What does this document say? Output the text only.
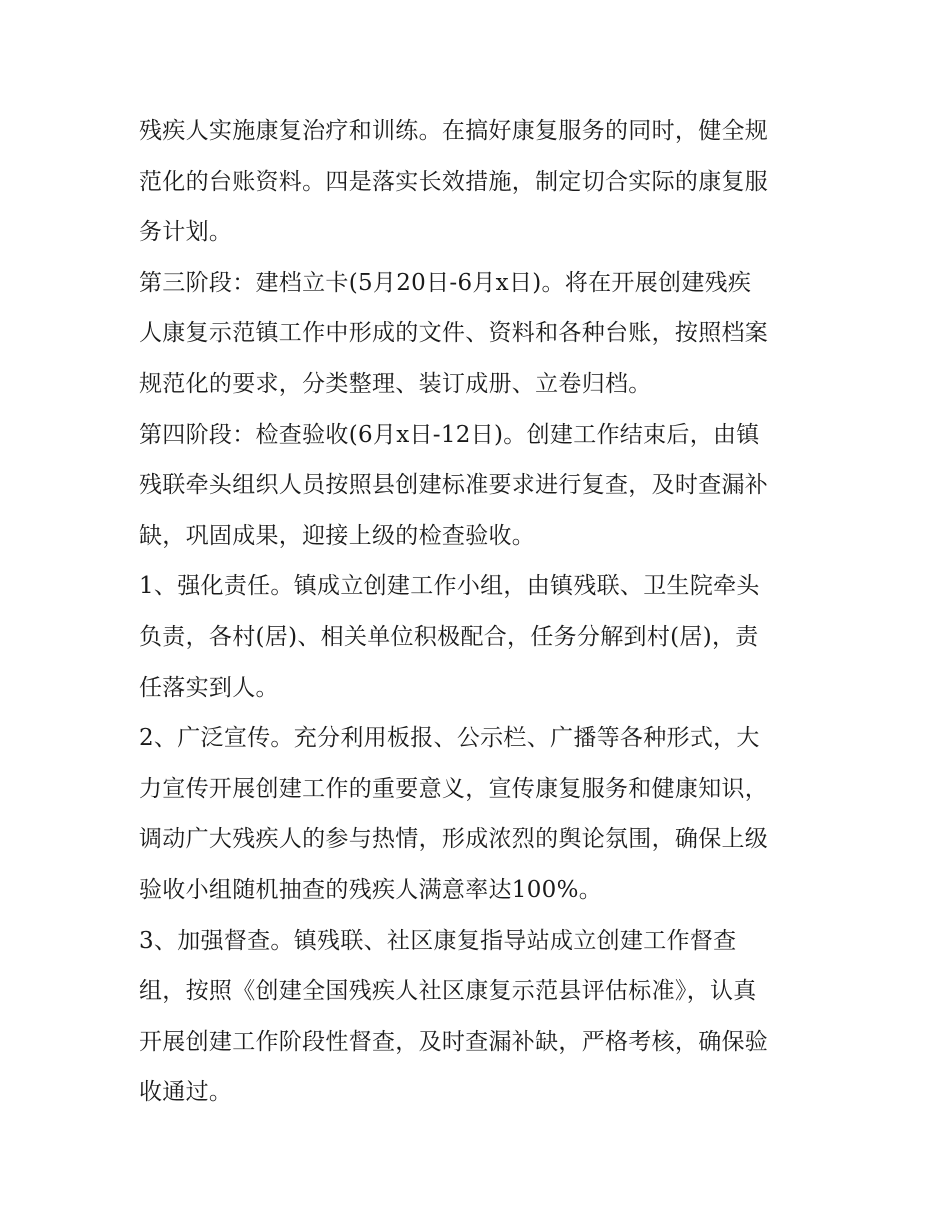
残疾人实施康复治疗和训练。在搞好康复服务的同时，健全规
范化的台账资料。四是落实长效措施，制定切合实际的康复服
务计划。
第三阶段：建档立卡(5月20日-6月x日)。将在开展创建残疾
人康复示范镇工作中形成的文件、资料和各种台账，按照档案
规范化的要求，分类整理、装订成册、立卷归档。
第四阶段：检查验收(6月x日-12日)。创建工作结束后，由镇
残联牵头组织人员按照县创建标准要求进行复查，及时查漏补
缺，巩固成果，迎接上级的检查验收。
1、强化责任。镇成立创建工作小组，由镇残联、卫生院牵头
负责，各村(居)、相关单位积极配合，任务分解到村(居)，责
任落实到人。
2、广泛宣传。充分利用板报、公示栏、广播等各种形式，大
力宣传开展创建工作的重要意义，宣传康复服务和健康知识，
调动广大残疾人的参与热情，形成浓烈的舆论氛围，确保上级
验收小组随机抽查的残疾人满意率达100%。
3、加强督查。镇残联、社区康复指导站成立创建工作督查
组，按照《创建全国残疾人社区康复示范县评估标准》，认真
开展创建工作阶段性督查，及时查漏补缺，严格考核，确保验
收通过。
